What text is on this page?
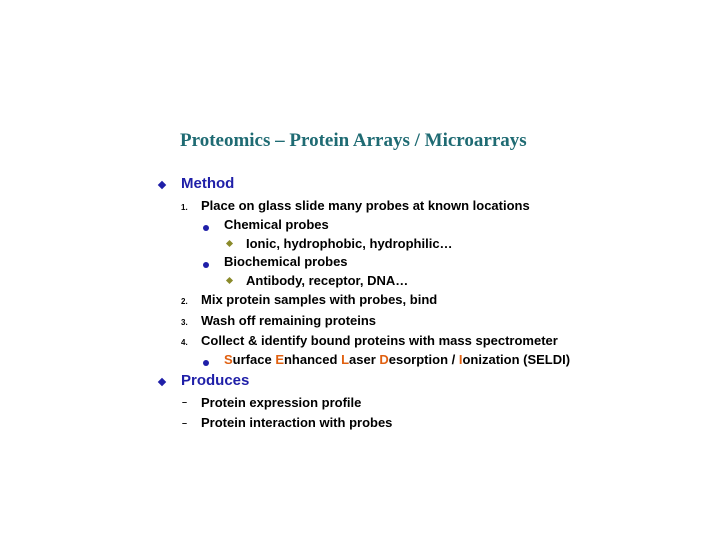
Proteomics – Protein Arrays / Microarrays
Method
1. Place on glass slide many probes at known locations
Chemical probes
Ionic, hydrophobic, hydrophilic…
Biochemical probes
Antibody, receptor, DNA…
2. Mix protein samples with probes, bind
3. Wash off remaining proteins
4. Collect & identify bound proteins with mass spectrometer
Surface Enhanced Laser Desorption / Ionization (SELDI)
Produces
– Protein expression profile
– Protein interaction with probes
